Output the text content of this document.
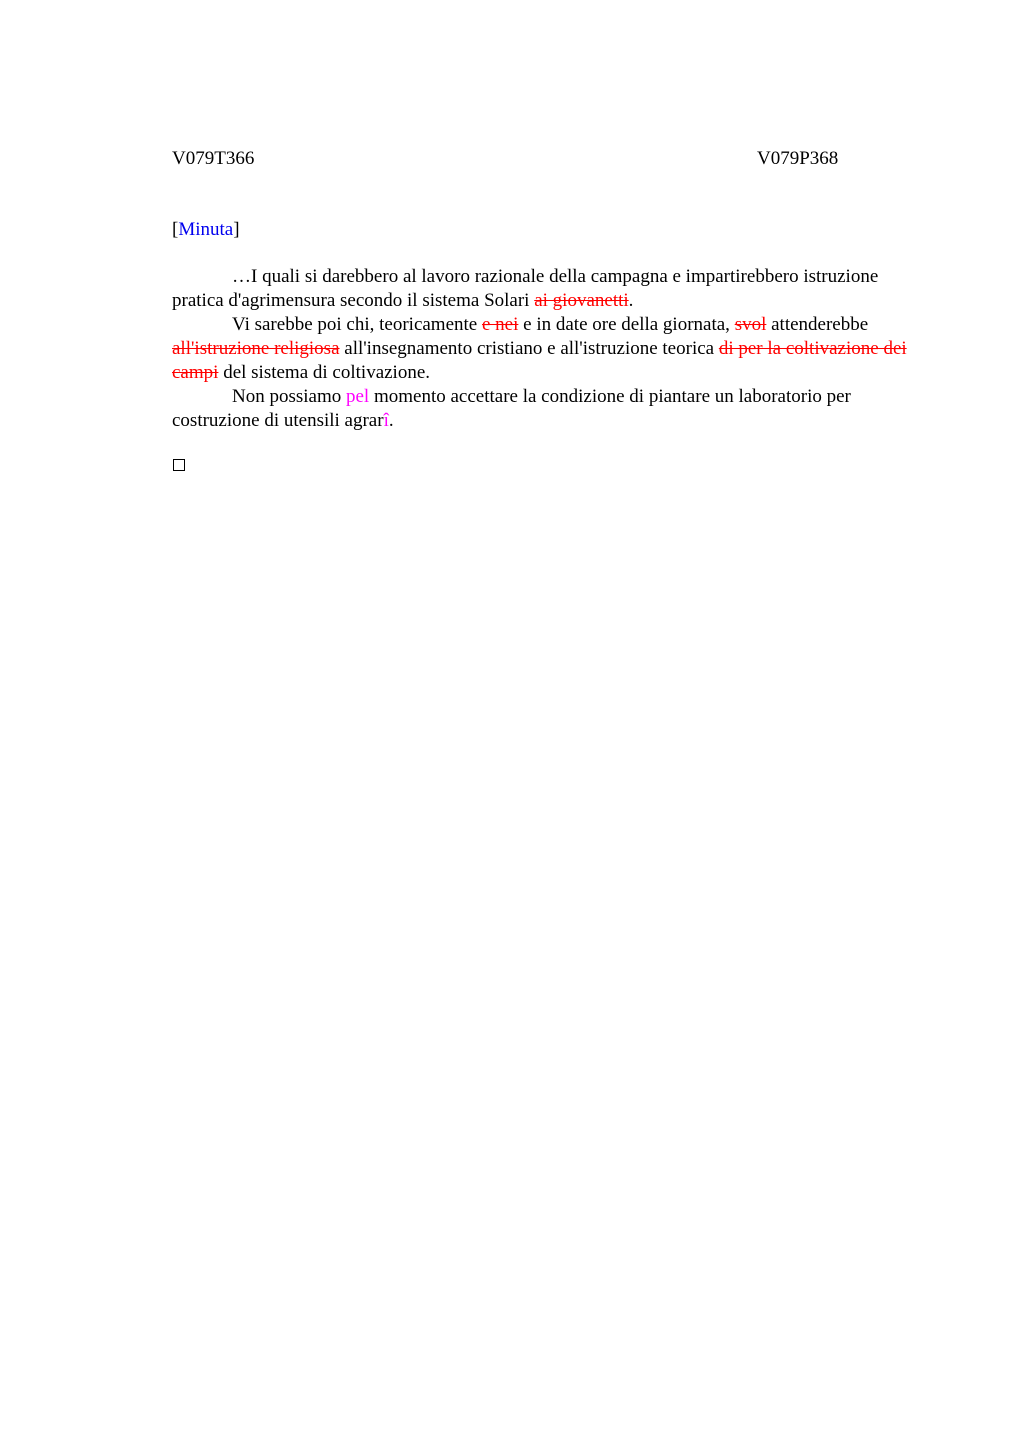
V079T366	V079P368
[Minuta]

…I quali si darebbero al lavoro razionale della campagna e impartirebbero istruzione pratica d'agrimensura secondo il sistema Solari ai giovanetti.

Vi sarebbe poi chi, teoricamente e nei e in date ore della giornata, svol attenderebbe all'istruzione religiosa all'insegnamento cristiano e all'istruzione teorica di per la coltivazione dei campi del sistema di coltivazione.

Non possiamo pel momento accettare la condizione di piantare un laboratorio per costruzione di utensili agrarî.
